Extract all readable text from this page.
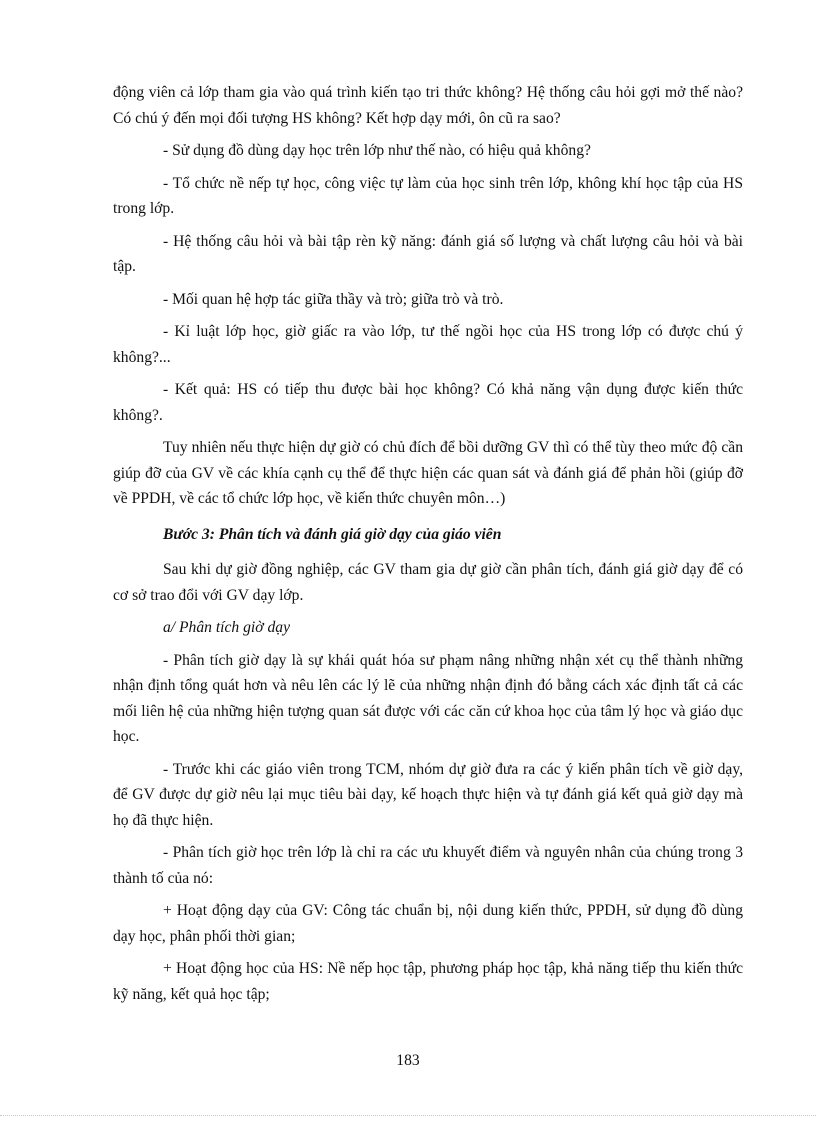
động viên cả lớp tham gia vào quá trình kiến tạo tri thức không? Hệ thống câu hỏi gợi mở thế nào? Có chú ý đến mọi đối tượng HS không? Kết hợp dạy mới, ôn cũ ra sao?

- Sử dụng đồ dùng dạy học trên lớp như thế nào, có hiệu quả không?

- Tổ chức nề nếp tự học, công việc tự làm của học sinh trên lớp, không khí học tập của HS trong lớp.

- Hệ thống câu hỏi và bài tập rèn kỹ năng: đánh giá số lượng và chất lượng câu hỏi và bài tập.

- Mối quan hệ hợp tác giữa thầy và trò; giữa trò và trò.

- Kỉ luật lớp học, giờ giấc ra vào lớp, tư thế ngồi học của HS trong lớp có được chú ý không?...

- Kết quả: HS có tiếp thu được bài học không? Có khả năng vận dụng được kiến thức không?.

Tuy nhiên nếu thực hiện dự giờ có chủ đích để bồi dưỡng GV thì có thể tùy theo mức độ cần giúp đỡ của GV về các khía cạnh cụ thể để thực hiện các quan sát và đánh giá để phản hồi (giúp đỡ về PPDH, về các tổ chức lớp học, về kiến thức chuyên môn…)

Bước 3: Phân tích và đánh giá giờ dạy của giáo viên

Sau khi dự giờ đồng nghiệp, các GV tham gia dự giờ cần phân tích, đánh giá giờ dạy để có cơ sở trao đổi với GV dạy lớp.

a/ Phân tích giờ dạy

- Phân tích giờ dạy là sự khái quát hóa sư phạm nâng những nhận xét cụ thể thành những nhận định tổng quát hơn và nêu lên các lý lẽ của những nhận định đó bằng cách xác định tất cả các mối liên hệ của những hiện tượng quan sát được với các căn cứ khoa học của tâm lý học và giáo dục học.

- Trước khi các giáo viên trong TCM, nhóm dự giờ đưa ra các ý kiến phân tích về giờ dạy, để GV được dự giờ nêu lại mục tiêu bài dạy, kế hoạch thực hiện và tự đánh giá kết quả giờ dạy mà họ đã thực hiện.

- Phân tích giờ học trên lớp là chỉ ra các ưu khuyết điểm và nguyên nhân của chúng trong 3 thành tố của nó:

+ Hoạt động dạy của GV: Công tác chuẩn bị, nội dung kiến thức, PPDH, sử dụng đồ dùng dạy học, phân phối thời gian;

+ Hoạt động học của HS: Nề nếp học tập, phương pháp học tập, khả năng tiếp thu kiến thức kỹ năng, kết quả học tập;

183
